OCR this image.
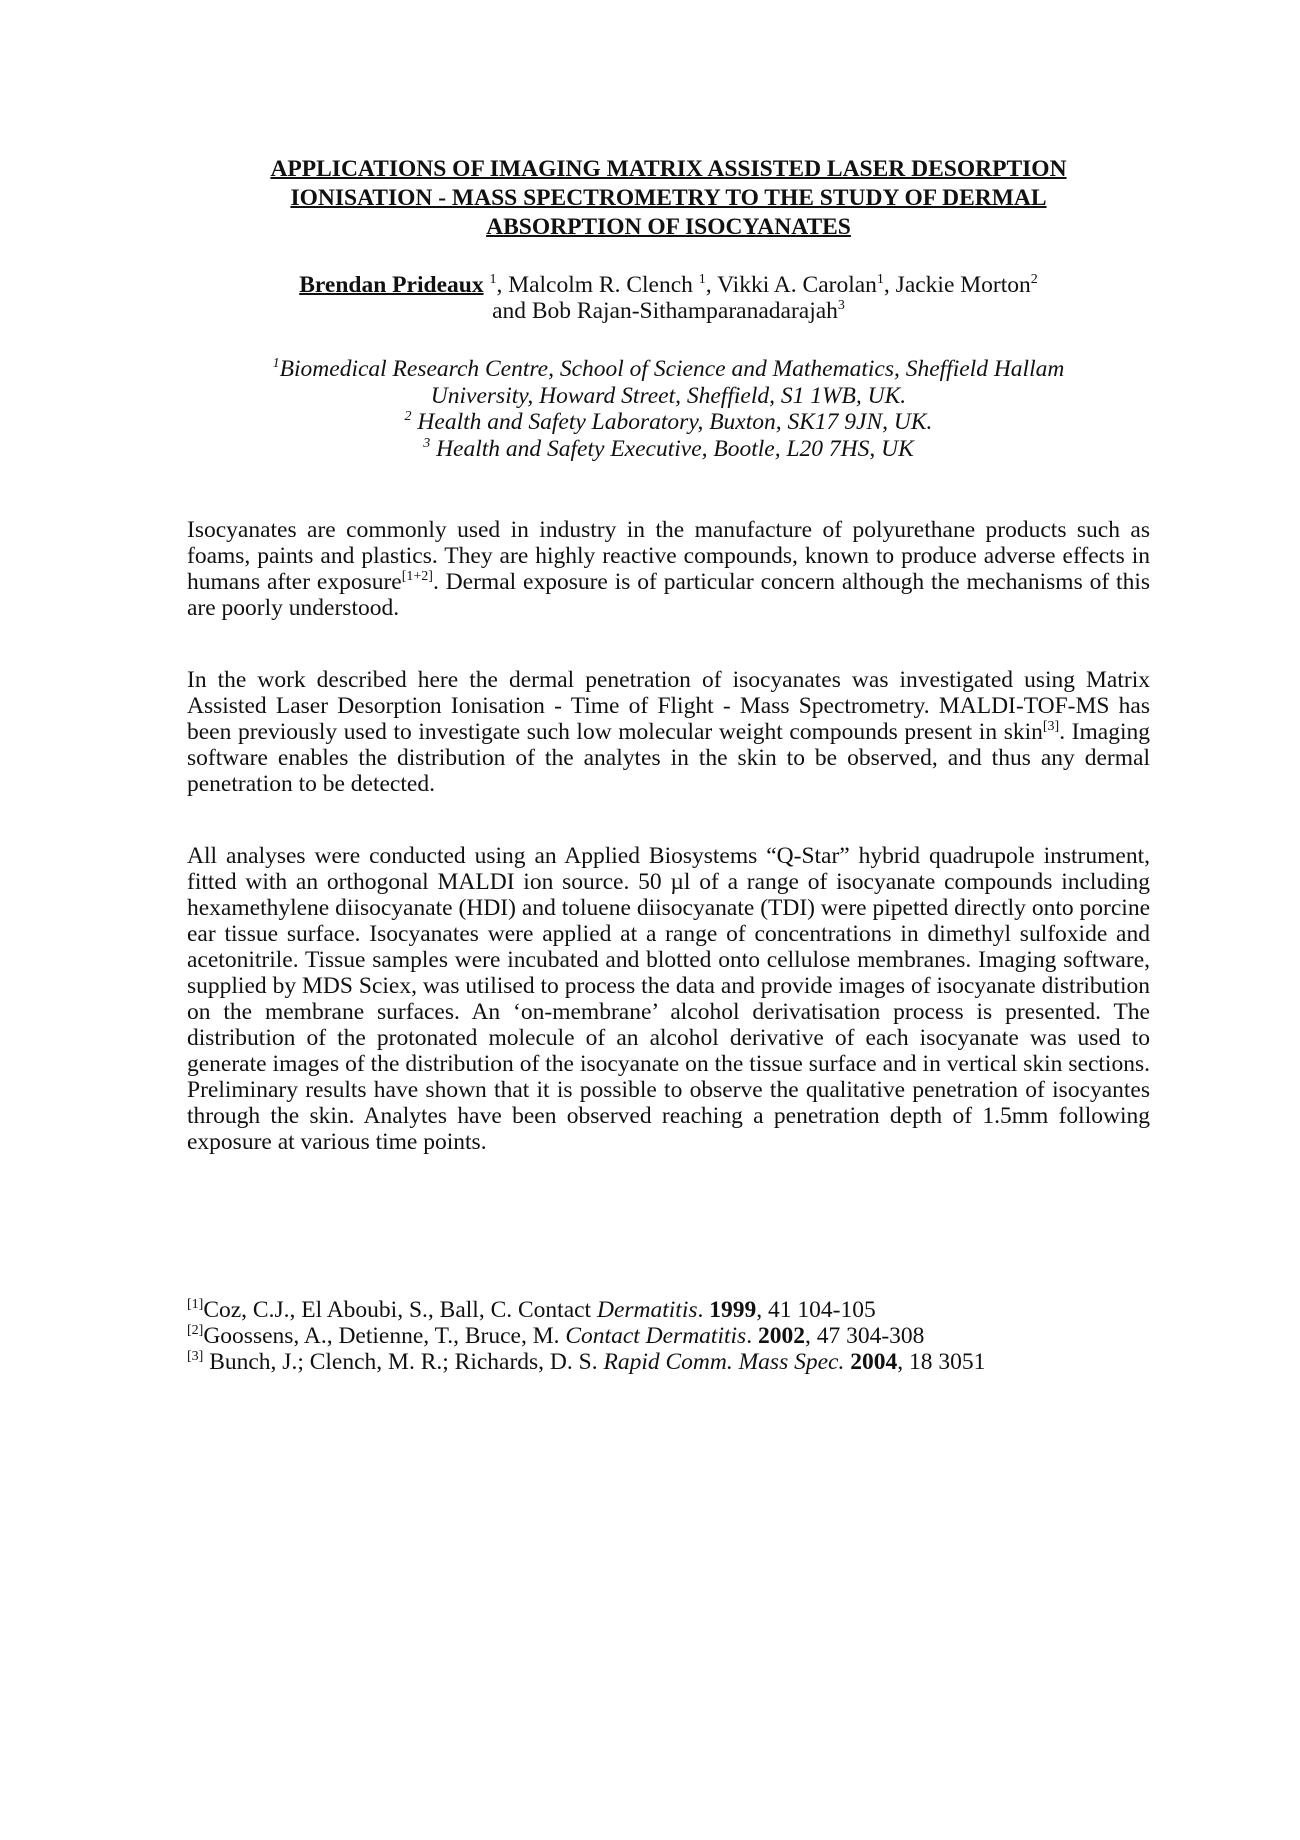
APPLICATIONS OF IMAGING MATRIX ASSISTED LASER DESORPTION
IONISATION - MASS SPECTROMETRY TO THE STUDY OF DERMAL
ABSORPTION OF ISOCYANATES
Brendan Prideaux $^1$, Malcolm R. Clench $^1$, Vikki A. Carolan$^1$, Jackie Morton$^2$
and Bob Rajan-Sithamparanadarajah$^3$
$^1$Biomedical Research Centre, School of Science and Mathematics, Sheffield Hallam
University, Howard Street, Sheffield, S1 1WB, UK.
$^2$ Health and Safety Laboratory, Buxton, SK17 9JN, UK.
$^3$ Health and Safety Executive, Bootle, L20 7HS, UK

Isocyanates are commonly used in industry in the manufacture of polyurethane products such as foams, paints and plastics. They are highly reactive compounds, known to produce adverse effects in humans after exposure[1+2]. Dermal exposure is of particular concern although the mechanisms of this are poorly understood.

In the work described here the dermal penetration of isocyanates was investigated using Matrix Assisted Laser Desorption Ionisation - Time of Flight - Mass Spectrometry. MALDI-TOF-MS has been previously used to investigate such low molecular weight compounds present in skin[3]. Imaging software enables the distribution of the analytes in the skin to be observed, and thus any dermal penetration to be detected.

All analyses were conducted using an Applied Biosystems “Q-Star” hybrid quadrupole instrument, fitted with an orthogonal MALDI ion source. 50 µl of a range of isocyanate compounds including hexamethylene diisocyanate (HDI) and toluene diisocyanate (TDI) were pipetted directly onto porcine ear tissue surface. Isocyanates were applied at a range of concentrations in dimethyl sulfoxide and acetonitrile. Tissue samples were incubated and blotted onto cellulose membranes. Imaging software, supplied by MDS Sciex, was utilised to process the data and provide images of isocyanate distribution on the membrane surfaces. An ‘on-membrane’ alcohol derivatisation process is presented. The distribution of the protonated molecule of an alcohol derivative of each isocyanate was used to generate images of the distribution of the isocyanate on the tissue surface and in vertical skin sections. Preliminary results have shown that it is possible to observe the qualitative penetration of isocyantes through the skin. Analytes have been observed reaching a penetration depth of 1.5mm following exposure at various time points.

[1]Coz, C.J., El Aboubi, S., Ball, C. Contact Dermatitis. 1999, 41 104-105
[2]Goossens, A., Detienne, T., Bruce, M. Contact Dermatitis. 2002, 47 304-308
[3] Bunch, J.; Clench, M. R.; Richards, D. S. Rapid Comm. Mass Spec. 2004, 18 3051
